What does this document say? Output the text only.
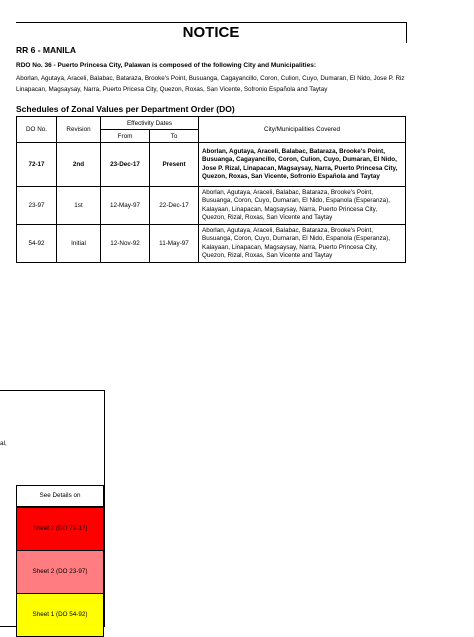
NOTICE
RR 6 - MANILA
RDO No. 36 - Puerto Princesa City, Palawan is composed of the following City and Municipalities:
Aborlan, Agutaya, Araceli, Balabac, Bataraza, Brooke's Point, Busuanga, Cagayancillo, Coron, Culion, Cuyo, Dumaran, El Nido, Jose P. Riz Linapacan, Magsaysay, Narra, Puerto Pricesa City, Quezon, Roxas, San Vicente, Sofronio Española and Taytay
Schedules of Zonal Values per Department Order (DO)
DO No.	Revision	Effectivity Dates		City/Municipalities Covered
		From	To	
72-17	2nd	23-Dec-17	Present	Aborlan, Agutaya, Araceli, Balabac, Bataraza, Brooke's Point, Busuanga, Cagayancillo, Coron, Culion, Cuyo, Dumaran, El Nido, Jose P. Rizal, Linapacan, Magsaysay, Narra, Puerto Princesa City, Quezon, Roxas, San Vicente, Sofronio Española and Taytay
23-97	1st	12-May-97	22-Dec-17	Aborlan, Agutaya, Araceli, Balabac, Bataraza, Brooke's Point, Busuanga, Coron, Cuyo, Dumaran, El Nido, Espanola (Esperanza), Kalayaan, Linapacan, Magsaysay, Narra, Puerto Princesa City, Quezon, Rizal, Roxas, San Vicente and Taytay
54-92	Initial	12-Nov-92	11-May-97	Aborlan, Agutaya, Araceli, Balabac, Bataraza, Brooke's Point, Busuanga, Coron, Cuyo, Dumaran, El Nido, Espanola (Esperanza), Kalayaan, Linapacan, Magsaysay, Narra, Puerto Princesa City, Quezon, Rizal, Roxas, San Vicente and Taytay
al,
See Details on
Sheet 3 (DO 72-17)
Sheet 2 (DO 23-97)
Sheet 1 (DO 54-92)
